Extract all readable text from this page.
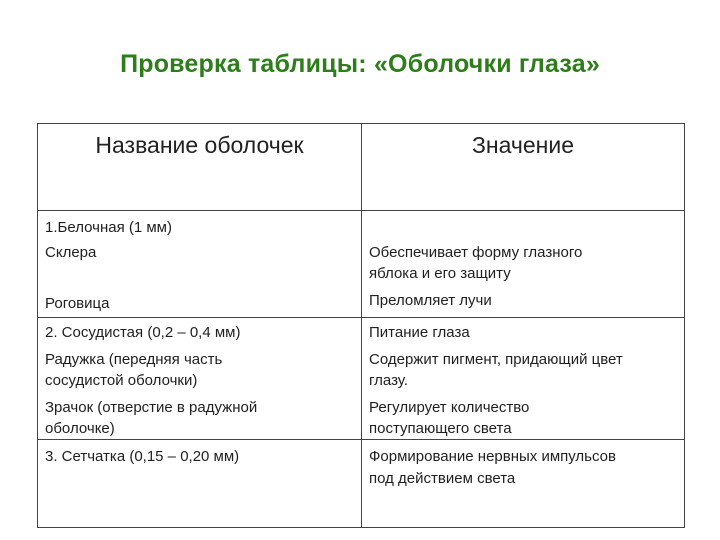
Проверка таблицы: «Оболочки глаза»
Название оболочек	Значение
1.Белочная (1 мм)
Склера
Роговица
Обеспечивает форму глазного
яблока и его защиту
Преломляет лучи
2. Сосудистая (0,2 – 0,4 мм)
Радужка (передняя часть
сосудистой оболочки)
Зрачок (отверстие в радужной
оболочке)
Питание глаза
Содержит пигмент, придающий цвет
глазу.
Регулирует количество
поступающего света
3. Сетчатка (0,15 – 0,20 мм)	Формирование нервных импульсов
под действием света
